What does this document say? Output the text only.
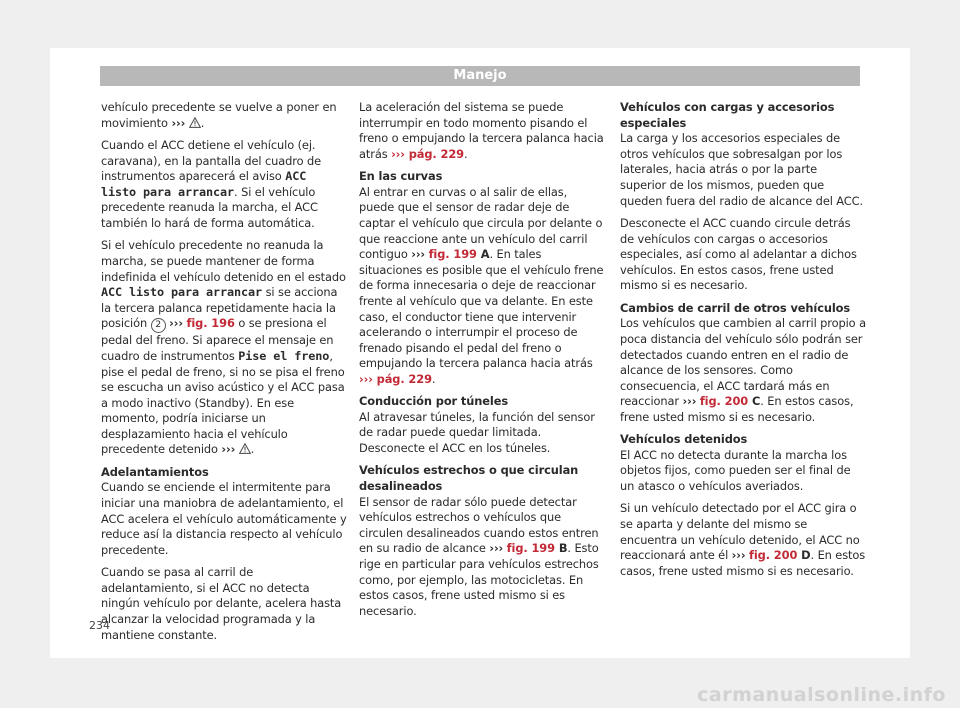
Manejo

vehículo precedente se vuelve a poner en movimiento ››› .

Cuando el ACC detiene el vehículo (ej. caravana), en la pantalla del cuadro de instrumentos aparecerá el aviso ACC listo para arrancar. Si el vehículo precedente reanuda la marcha, el ACC también lo hará de forma automática.

Si el vehículo precedente no reanuda la marcha, se puede mantener de forma indefinida el vehículo detenido en el estado ACC listo para arrancar si se acciona la tercera palanca repetidamente hacia la posición 2 ››› fig. 196 o se presiona el pedal del freno. Si aparece el mensaje en cuadro de instrumentos Pise el freno, pise el pedal de freno, si no se pisa el freno se escucha un aviso acústico y el ACC pasa a modo inactivo (Standby). En ese momento, podría iniciarse un desplazamiento hacia el vehículo precedente detenido ››› .

Adelantamientos

Cuando se enciende el intermitente para iniciar una maniobra de adelantamiento, el ACC acelera el vehículo automáticamente y reduce así la distancia respecto al vehículo precedente.

Cuando se pasa al carril de adelantamiento, si el ACC no detecta ningún vehículo por delante, acelera hasta alcanzar la velocidad programada y la mantiene constante.

La aceleración del sistema se puede interrumpir en todo momento pisando el freno o empujando la tercera palanca hacia atrás ››› pág. 229.

En las curvas

Al entrar en curvas o al salir de ellas, puede que el sensor de radar deje de captar el vehículo que circula por delante o que reaccione ante un vehículo del carril contiguo ››› fig. 199 A. En tales situaciones es posible que el vehículo frene de forma innecesaria o deje de reaccionar frente al vehículo que va delante. En este caso, el conductor tiene que intervenir acelerando o interrumpir el proceso de frenado pisando el pedal del freno o empujando la tercera palanca hacia atrás ››› pág. 229.

Conducción por túneles

Al atravesar túneles, la función del sensor de radar puede quedar limitada. Desconecte el ACC en los túneles.

Vehículos estrechos o que circulan desalineados

El sensor de radar sólo puede detectar vehículos estrechos o vehículos que circulen desalineados cuando estos entren en su radio de alcance ››› fig. 199 B. Esto rige en particular para vehículos estrechos como, por ejemplo, las motocicletas. En estos casos, frene usted mismo si es necesario.

Vehículos con cargas y accesorios especiales

La carga y los accesorios especiales de otros vehículos que sobresalgan por los laterales, hacia atrás o por la parte superior de los mismos, pueden que queden fuera del radio de alcance del ACC.

Desconecte el ACC cuando circule detrás de vehículos con cargas o accesorios especiales, así como al adelantar a dichos vehículos. En estos casos, frene usted mismo si es necesario.

Cambios de carril de otros vehículos

Los vehículos que cambien al carril propio a poca distancia del vehículo sólo podrán ser detectados cuando entren en el radio de alcance de los sensores. Como consecuencia, el ACC tardará más en reaccionar ››› fig. 200 C. En estos casos, frene usted mismo si es necesario.

Vehículos detenidos

El ACC no detecta durante la marcha los objetos fijos, como pueden ser el final de un atasco o vehículos averiados.

Si un vehículo detectado por el ACC gira o se aparta y delante del mismo se encuentra un vehículo detenido, el ACC no reaccionará ante él ››› fig. 200 D. En estos casos, frene usted mismo si es necesario.

234
carmanualsonline.info
